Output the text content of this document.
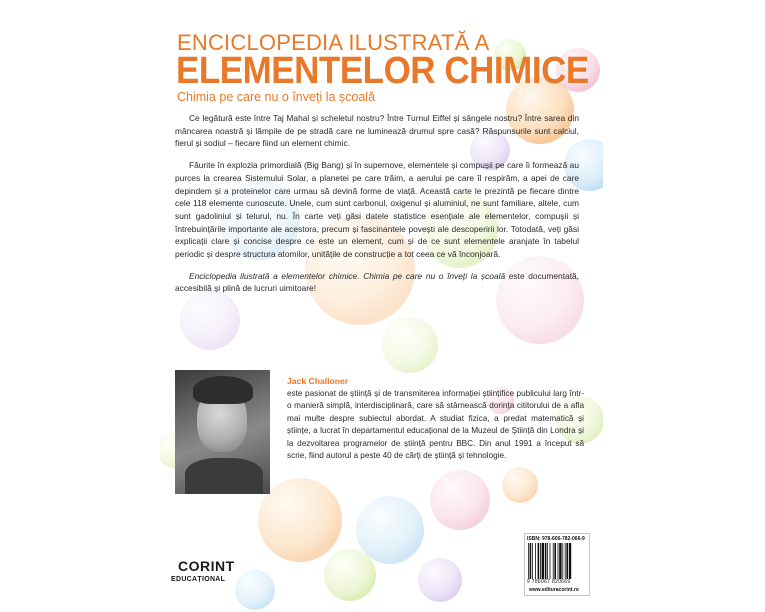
ENCICLOPEDIA ILUSTRATĂ A
ELEMENTELOR CHIMICE
Chimia pe care nu o înveți la școală

Ce legătură este între Taj Mahal și scheletul nostru? Între Turnul Eiffel și sângele nostru? Între sarea din mâncarea noastră și lămpile de pe stradă care ne luminează drumul spre casă? Răspunsurile sunt calciul, fierul și sodiul – fiecare fiind un element chimic.

Făurite în explozia primordială (Big Bang) și în supernove, elementele și compușii pe care îi formează au purces la crearea Sistemului Solar, a planetei pe care trăim, a aerului pe care îl respirăm, a apei de care depindem și a proteinelor care urmau să devină forme de viață. Această carte le prezintă pe fiecare dintre cele 118 elemente cunoscute. Unele, cum sunt carbonul, oxigenul și aluminiul, ne sunt familiare, altele, cum sunt gadoliniul și telurul, nu. În carte veți găsi datele statistice esențiale ale elementelor, compușii și întrebuințările importante ale acestora, precum și fascinantele povești ale descoperirii lor. Totodată, veți găsi explicații clare și concise despre ce este un element, cum și de ce sunt elementele aranjate în tabelul periodic și despre structura atomilor, unitățile de construcție a tot ceea ce vă înconjoară.

Enciclopedia ilustrată a elementelor chimice. Chimia pe care nu o înveți la școală este documentată, accesibilă și plină de lucruri uimitoare!

Jack Challoner
este pasionat de știință și de transmiterea informației științifice publicului larg într-o manieră simplă, interdisciplinară, care să stârnească dorința cititorului de a afla mai multe despre subiectul abordat. A studiat fizica, a predat matematică și științe, a lucrat în departamentul educațional de la Muzeul de Știință din Londra și la dezvoltarea programelor de știință pentru BBC. Din anul 1991 a început să scrie, fiind autorul a peste 40 de cărți de știință și tehnologie.
CORINT
EDUCAȚIONAL
ISBN: 978-606-782-066-9
9 786067 820669
www.edituracorint.ro
